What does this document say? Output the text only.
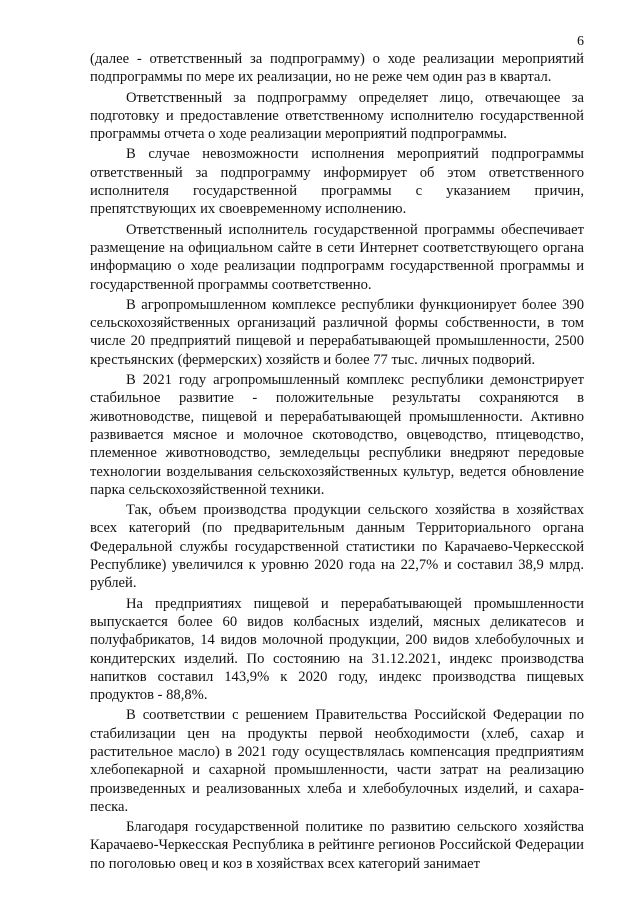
6

(далее - ответственный за подпрограмму) о ходе реализации мероприятий подпрограммы по мере их реализации, но не реже чем один раз в квартал.

Ответственный за подпрограмму определяет лицо, отвечающее за подготовку и предоставление ответственному исполнителю государственной программы отчета о ходе реализации мероприятий подпрограммы.

В случае невозможности исполнения мероприятий подпрограммы ответственный за подпрограмму информирует об этом ответственного исполнителя государственной программы с указанием причин, препятствующих их своевременному исполнению.

Ответственный исполнитель государственной программы обеспечивает размещение на официальном сайте в сети Интернет соответствующего органа информацию о ходе реализации подпрограмм государственной программы и государственной программы соответственно.

В агропромышленном комплексе республики функционирует более 390 сельскохозяйственных организаций различной формы собственности, в том числе 20 предприятий пищевой и перерабатывающей промышленности, 2500 крестьянских (фермерских) хозяйств и более 77 тыс. личных подворий.

В 2021 году агропромышленный комплекс республики демонстрирует стабильное развитие - положительные результаты сохраняются в животноводстве, пищевой и перерабатывающей промышленности. Активно развивается мясное и молочное скотоводство, овцеводство, птицеводство, племенное животноводство, земледельцы республики внедряют передовые технологии возделывания сельскохозяйственных культур, ведется обновление парка сельскохозяйственной техники.

Так, объем производства продукции сельского хозяйства в хозяйствах всех категорий (по предварительным данным Территориального органа Федеральной службы государственной статистики по Карачаево-Черкесской Республике) увеличился к уровню 2020 года на 22,7% и составил 38,9 млрд. рублей.

На предприятиях пищевой и перерабатывающей промышленности выпускается более 60 видов колбасных изделий, мясных деликатесов и полуфабрикатов, 14 видов молочной продукции, 200 видов хлебобулочных и кондитерских изделий. По состоянию на 31.12.2021, индекс производства напитков составил 143,9% к 2020 году, индекс производства пищевых продуктов - 88,8%.

В соответствии с решением Правительства Российской Федерации по стабилизации цен на продукты первой необходимости (хлеб, сахар и растительное масло) в 2021 году осуществлялась компенсация предприятиям хлебопекарной и сахарной промышленности, части затрат на реализацию произведенных и реализованных хлеба и хлебобулочных изделий, и сахара-песка.

Благодаря государственной политике по развитию сельского хозяйства Карачаево-Черкесская Республика в рейтинге регионов Российской Федерации по поголовью овец и коз в хозяйствах всех категорий занимает
